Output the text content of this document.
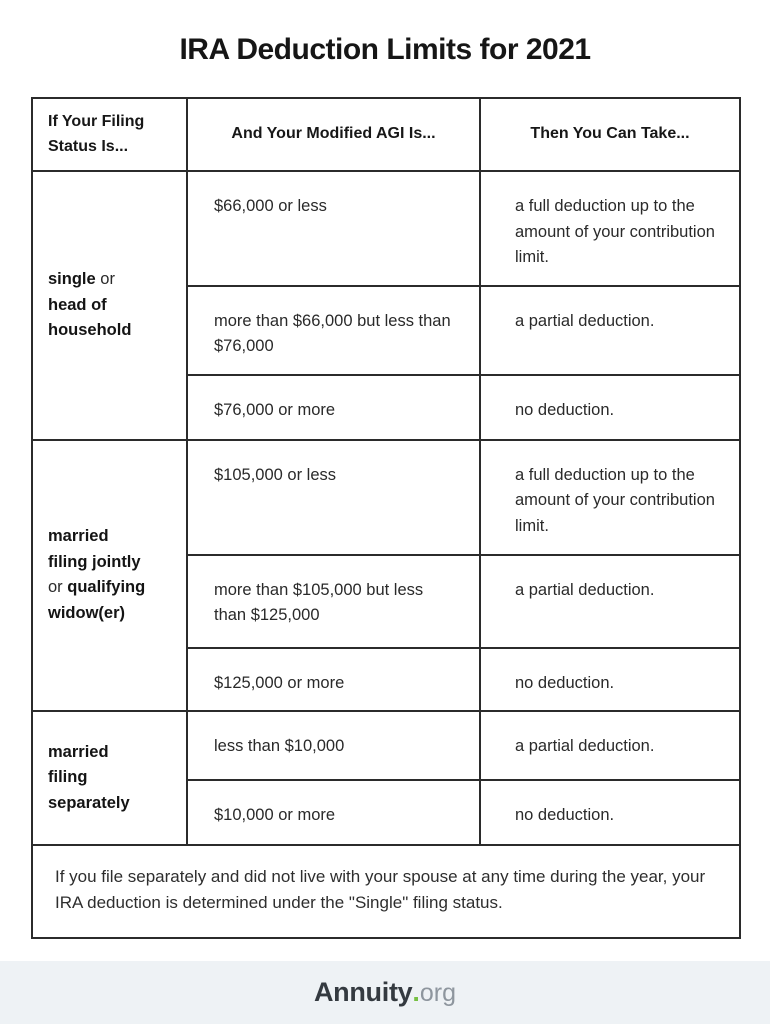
IRA Deduction Limits for 2021
If Your Filing Status Is...	And Your Modified AGI Is...	Then You Can Take...
single or
head of household	$66,000 or less	a full deduction up to the amount of your contribution limit.
	more than $66,000 but less than $76,000	a partial deduction.
	$76,000 or more	no deduction.
married
filing jointly
or qualifying widow(er)	$105,000 or less	a full deduction up to the amount of your contribution limit.
	more than $105,000 but less than $125,000	a partial deduction.
	$125,000 or more	no deduction.
married
filing
separately	less than $10,000	a partial deduction.
	$10,000 or more	no deduction.
If you file separately and did not live with your spouse at any time during the year, your IRA deduction is determined under the "Single" filing status.		
Annuity . org
